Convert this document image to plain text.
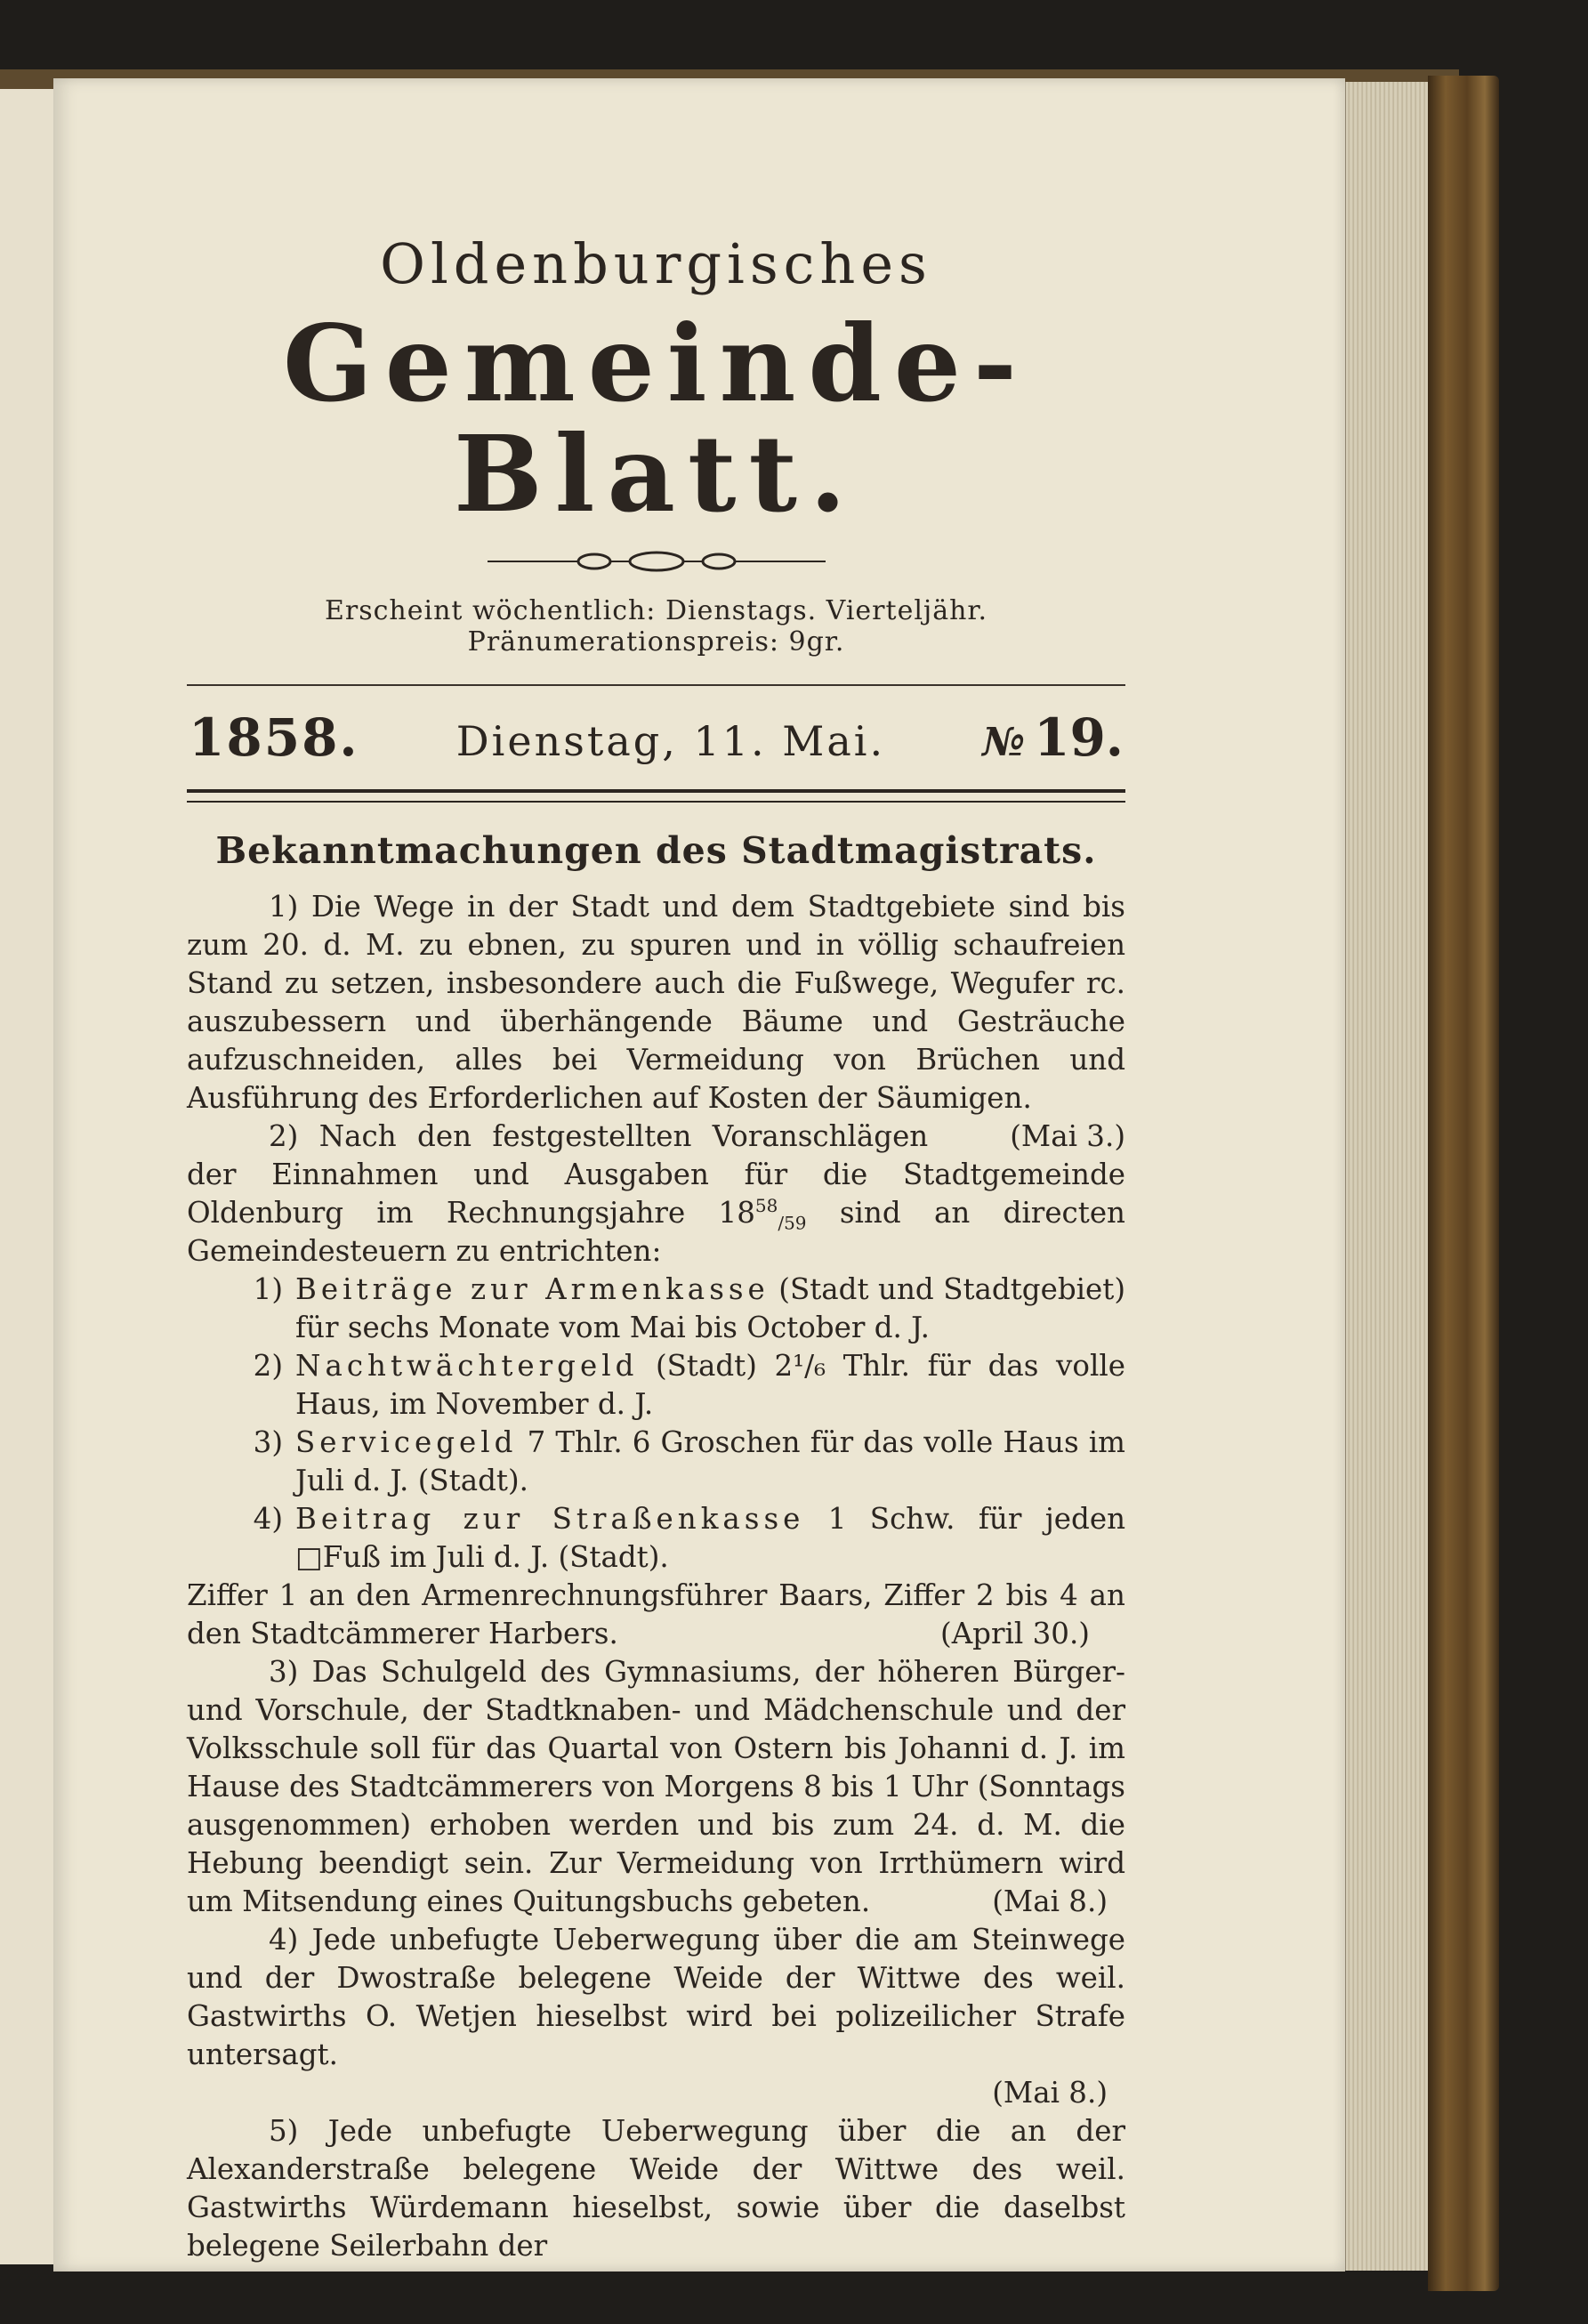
Oldenburgisches
Gemeinde-Blatt.
Erscheint wöchentlich: Dienstags. Vierteljähr. Pränumerationspreis: 9gr.
1858. Dienstag, 11. Mai. № 19.
Bekanntmachungen des Stadtmagistrats.

1) Die Wege in der Stadt und dem Stadtgebiete sind bis zum 20. d. M. zu ebnen, zu spuren und in völlig schaufreien Stand zu setzen, insbesondere auch die Fußwege, Wegufer rc. auszubessern und überhängende Bäume und Gesträuche aufzuschneiden, alles bei Vermeidung von Brüchen und Ausführung des Erforderlichen auf Kosten der Säumigen.
(Mai 3.)

2) Nach den festgestellten Voranschlägen der Einnahmen und Ausgaben für die Stadtgemeinde Oldenburg im Rechnungsjahre $18^{58}_{/59}$ sind an directen Gemeindesteuern zu entrichten:

1) Beiträge zur Armenkasse (Stadt und Stadtgebiet) für sechs Monate vom Mai bis October d. J.
2) Nachtwächtergeld (Stadt) 2¹/₆ Thlr. für das volle Haus, im November d. J.
3) Servicegeld 7 Thlr. 6 Groschen für das volle Haus im Juli d. J. (Stadt).
4) Beitrag zur Straßenkasse 1 Schw. für jeden □Fuß im Juli d. J. (Stadt).

Ziffer 1 an den Armenrechnungsführer Baars, Ziffer 2 bis 4 an den Stadtcämmerer Harbers.	(April 30.)

3) Das Schulgeld des Gymnasiums, der höheren Bürger- und Vorschule, der Stadtknaben- und Mädchenschule und der Volksschule soll für das Quartal von Ostern bis Johanni d. J. im Hause des Stadtcämmerers von Morgens 8 bis 1 Uhr (Sonntags ausgenommen) erhoben werden und bis zum 24. d. M. die Hebung beendigt sein. Zur Vermeidung von Irrthümern wird um Mitsendung eines Quitungsbuchs gebeten.	(Mai 8.)

4) Jede unbefugte Ueberwegung über die am Steinwege und der Dwostraße belegene Weide der Wittwe des weil. Gastwirths O. Wetjen hieselbst wird bei polizeilicher Strafe untersagt.

(Mai 8.)

5) Jede unbefugte Ueberwegung über die an der Alexanderstraße belegene Weide der Wittwe des weil. Gastwirths Würdemann hieselbst, sowie über die daselbst belegene Seilerbahn der
